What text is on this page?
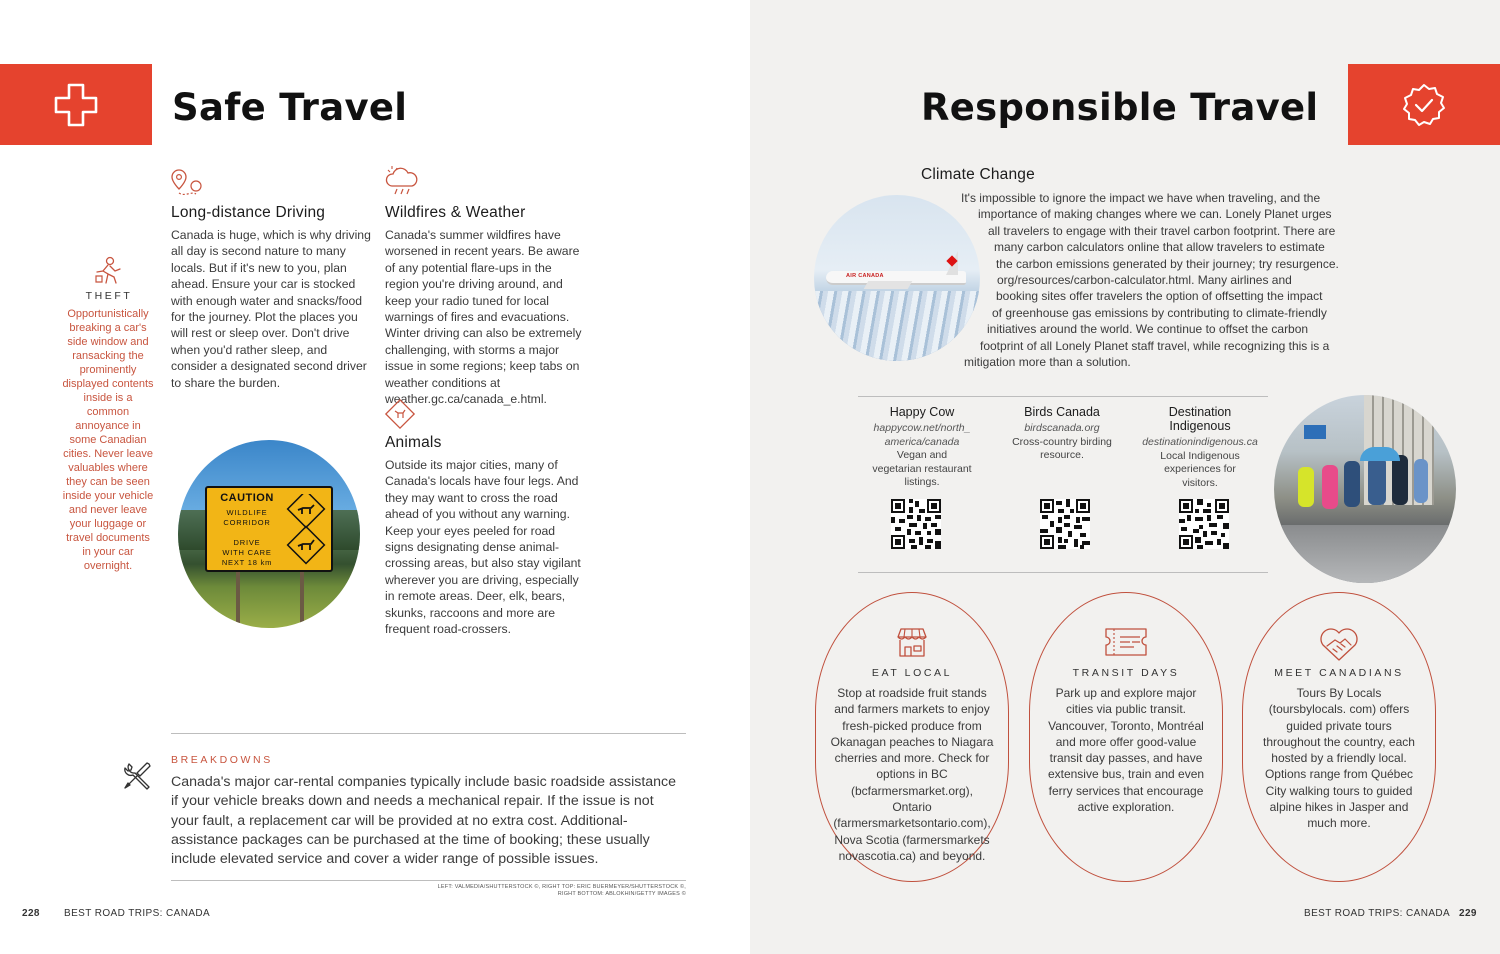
Safe Travel
THEFT
Opportunistically breaking a car's side window and ransacking the prominently displayed contents inside is a common annoyance in some Canadian cities. Never leave valuables where they can be seen inside your vehicle and never leave your luggage or travel documents in your car overnight.
Long-distance Driving
Canada is huge, which is why driving all day is second nature to many locals. But if it's new to you, plan ahead. Ensure your car is stocked with enough water and snacks/food for the journey. Plot the places you will rest or sleep over. Don't drive when you'd rather sleep, and consider a designated second driver to share the burden.
Wildfires & Weather
Canada's summer wildfires have worsened in recent years. Be aware of any potential flare-ups in the region you're driving around, and keep your radio tuned for local warnings of fires and evacuations. Winter driving can also be extremely challenging, with storms a major issue in some regions; keep tabs on weather conditions at weather.gc.ca/canada_e.html.
Animals
Outside its major cities, many of Canada's locals have four legs. And they may want to cross the road ahead of you without any warning. Keep your eyes peeled for road signs designating dense animal-crossing areas, but also stay vigilant wherever you are driving, especially in remote areas. Deer, elk, bears, skunks, raccoons and more are frequent road-crossers.
CAUTION
WILDLIFE
CORRIDOR
DRIVE
WITH CARE
NEXT 18 km
BREAKDOWNS
Canada's major car-rental companies typically include basic roadside assistance if your vehicle breaks down and needs a mechanical repair. If the issue is not your fault, a replacement car will be provided at no extra cost. Additional-assistance packages can be purchased at the time of booking; these usually include elevated service and cover a wider range of possible issues.
LEFT: VALMEDIA/SHUTTERSTOCK ©, RIGHT TOP: ERIC BUERMEYER/SHUTTERSTOCK ©,
RIGHT BOTTOM: ABLOKHIN/GETTY IMAGES ©
228 BEST ROAD TRIPS: CANADA
Responsible Travel
Climate Change
AIR CANADA
It's impossible to ignore the impact we have when traveling, and the
importance of making changes where we can. Lonely Planet urges
all travelers to engage with their travel carbon footprint. There are
many carbon calculators online that allow travelers to estimate
the carbon emissions generated by their journey; try resurgence.
org/resources/carbon-calculator.html. Many airlines and
booking sites offer travelers the option of offsetting the impact
of greenhouse gas emissions by contributing to climate-friendly
initiatives around the world. We continue to offset the carbon
footprint of all Lonely Planet staff travel, while recognizing this is a
mitigation more than a solution.
Happy Cow
happycow.net/north_ america/canada
Vegan and vegetarian restaurant listings.
Birds Canada
birdscanada.org
Cross-country birding resource.
Destination Indigenous
destinationindigenous.ca
Local Indigenous experiences for visitors.
EAT LOCAL
Stop at roadside fruit stands and farmers markets to enjoy fresh-picked produce from Okanagan peaches to Niagara cherries and more. Check for options in BC (bcfarmersmarket.org), Ontario (farmersmarketsontario.com), Nova Scotia (farmersmarkets novascotia.ca) and beyond.
TRANSIT DAYS
Park up and explore major cities via public transit. Vancouver, Toronto, Montréal and more offer good-value transit day passes, and have extensive bus, train and even ferry services that encourage active exploration.
MEET CANADIANS
Tours By Locals (toursbylocals. com) offers guided private tours throughout the country, each hosted by a friendly local. Options range from Québec City walking tours to guided alpine hikes in Jasper and much more.
BEST ROAD TRIPS: CANADA 229
